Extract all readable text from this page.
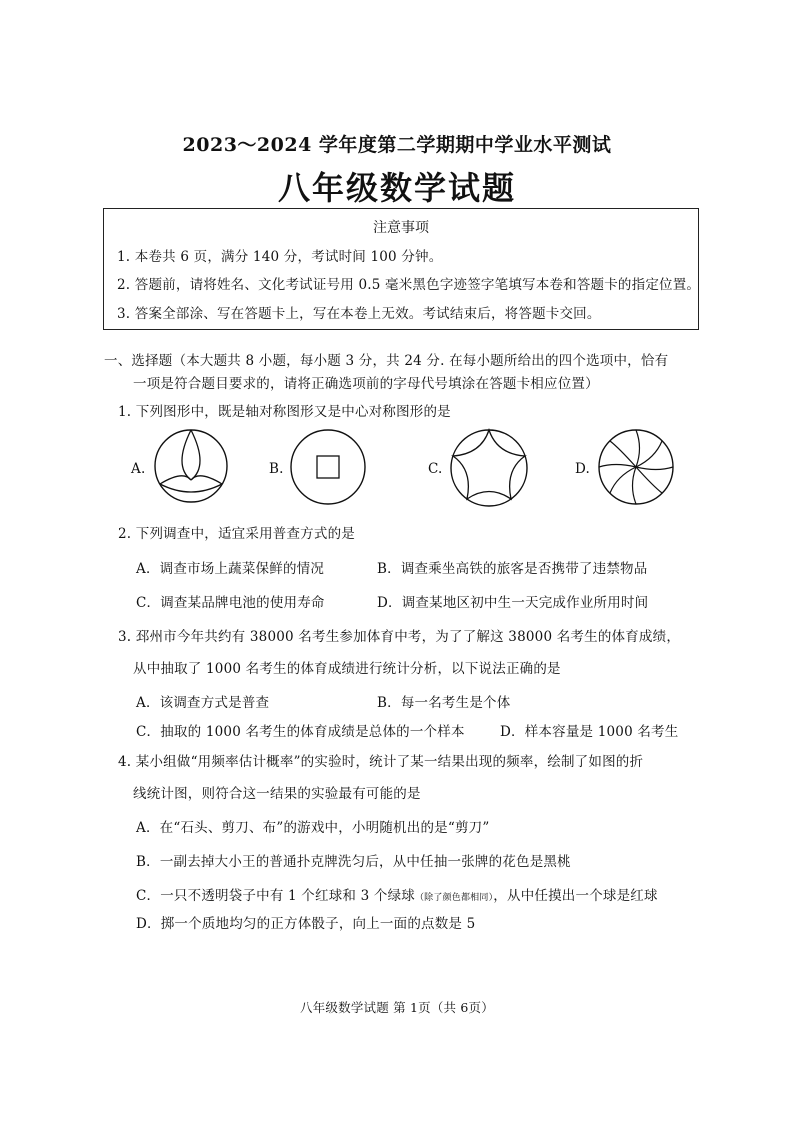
2023～2024 学年度第二学期期中学业水平测试
八年级数学试题
注意事项
1. 本卷共 6 页，满分 140 分，考试时间 100 分钟。
2. 答题前，请将姓名、文化考试证号用 0.5 毫米黑色字迹签字笔填写本卷和答题卡的指定位置。
3. 答案全部涂、写在答题卡上，写在本卷上无效。考试结束后，将答题卡交回。
一、选择题（本大题共 8 小题，每小题 3 分，共 24 分. 在每小题所给出的四个选项中，恰有
一项是符合题目要求的，请将正确选项前的字母代号填涂在答题卡相应位置）
1. 下列图形中，既是轴对称图形又是中心对称图形的是
A.	B.	C.	D.
2. 下列调查中，适宜采用普查方式的是
A．调查市场上蔬菜保鲜的情况	B．调查乘坐高铁的旅客是否携带了违禁物品
C．调查某品牌电池的使用寿命	D．调查某地区初中生一天完成作业所用时间
3. 邳州市今年共约有 38000 名考生参加体育中考，为了了解这 38000 名考生的体育成绩，
从中抽取了 1000 名考生的体育成绩进行统计分析，以下说法正确的是
A．该调查方式是普查	B．每一名考生是个体
C．抽取的 1000 名考生的体育成绩是总体的一个样本	D．样本容量是 1000 名考生
4. 某小组做“用频率估计概率”的实验时，统计了某一结果出现的频率，绘制了如图的折
线统计图，则符合这一结果的实验最有可能的是
A．在“石头、剪刀、布”的游戏中，小明随机出的是“剪刀”
B．一副去掉大小王的普通扑克牌洗匀后，从中任抽一张牌的花色是黑桃
C．一只不透明袋子中有 1 个红球和 3 个绿球（除了颜色都相同），从中任摸出一个球是红球
D．掷一个质地均匀的正方体骰子，向上一面的点数是 5
八年级数学试题 第 1页（共 6页）
